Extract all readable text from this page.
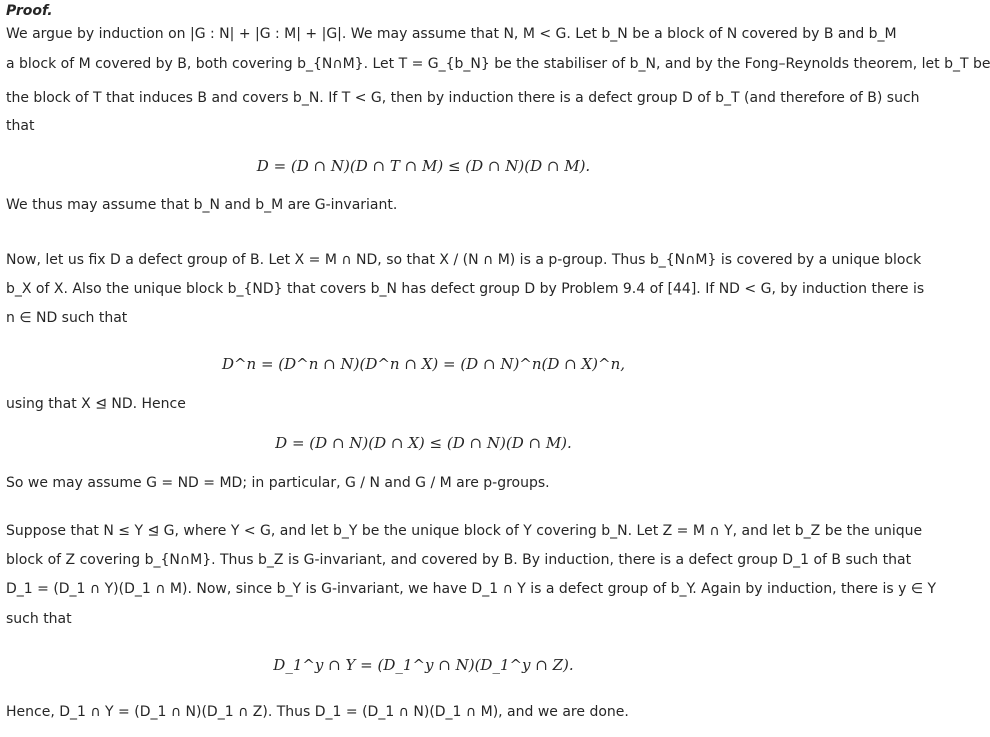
Proof.
We argue by induction on |G : N| + |G : M| + |G|. We may assume that N, M < G. Let b_N be a block of N covered by B and b_M
a block of M covered by B, both covering b_{N∩M}. Let T = G_{b_N} be the stabiliser of b_N, and by the Fong–Reynolds theorem, let b_T be
the block of T that induces B and covers b_N. If T < G, then by induction there is a defect group D of b_T (and therefore of B) such
that
D = (D ∩ N)(D ∩ T ∩ M) ≤ (D ∩ N)(D ∩ M).
We thus may assume that b_N and b_M are G-invariant.
Now, let us fix D a defect group of B. Let X = M ∩ ND, so that X / (N ∩ M) is a p-group. Thus b_{N∩M} is covered by a unique block
b_X of X. Also the unique block b_{ND} that covers b_N has defect group D by Problem 9.4 of [44]. If ND < G, by induction there is
n ∈ ND such that
D^n = (D^n ∩ N)(D^n ∩ X) = (D ∩ N)^n(D ∩ X)^n,
using that X ⊴ ND. Hence
D = (D ∩ N)(D ∩ X) ≤ (D ∩ N)(D ∩ M).
So we may assume G = ND = MD; in particular, G / N and G / M are p-groups.
Suppose that N ≤ Y ⊴ G, where Y < G, and let b_Y be the unique block of Y covering b_N. Let Z = M ∩ Y, and let b_Z be the unique
block of Z covering b_{N∩M}. Thus b_Z is G-invariant, and covered by B. By induction, there is a defect group D_1 of B such that
D_1 = (D_1 ∩ Y)(D_1 ∩ M). Now, since b_Y is G-invariant, we have D_1 ∩ Y is a defect group of b_Y. Again by induction, there is y ∈ Y
such that
D_1^y ∩ Y = (D_1^y ∩ N)(D_1^y ∩ Z).
Hence, D_1 ∩ Y = (D_1 ∩ N)(D_1 ∩ Z). Thus D_1 = (D_1 ∩ N)(D_1 ∩ M), and we are done.
